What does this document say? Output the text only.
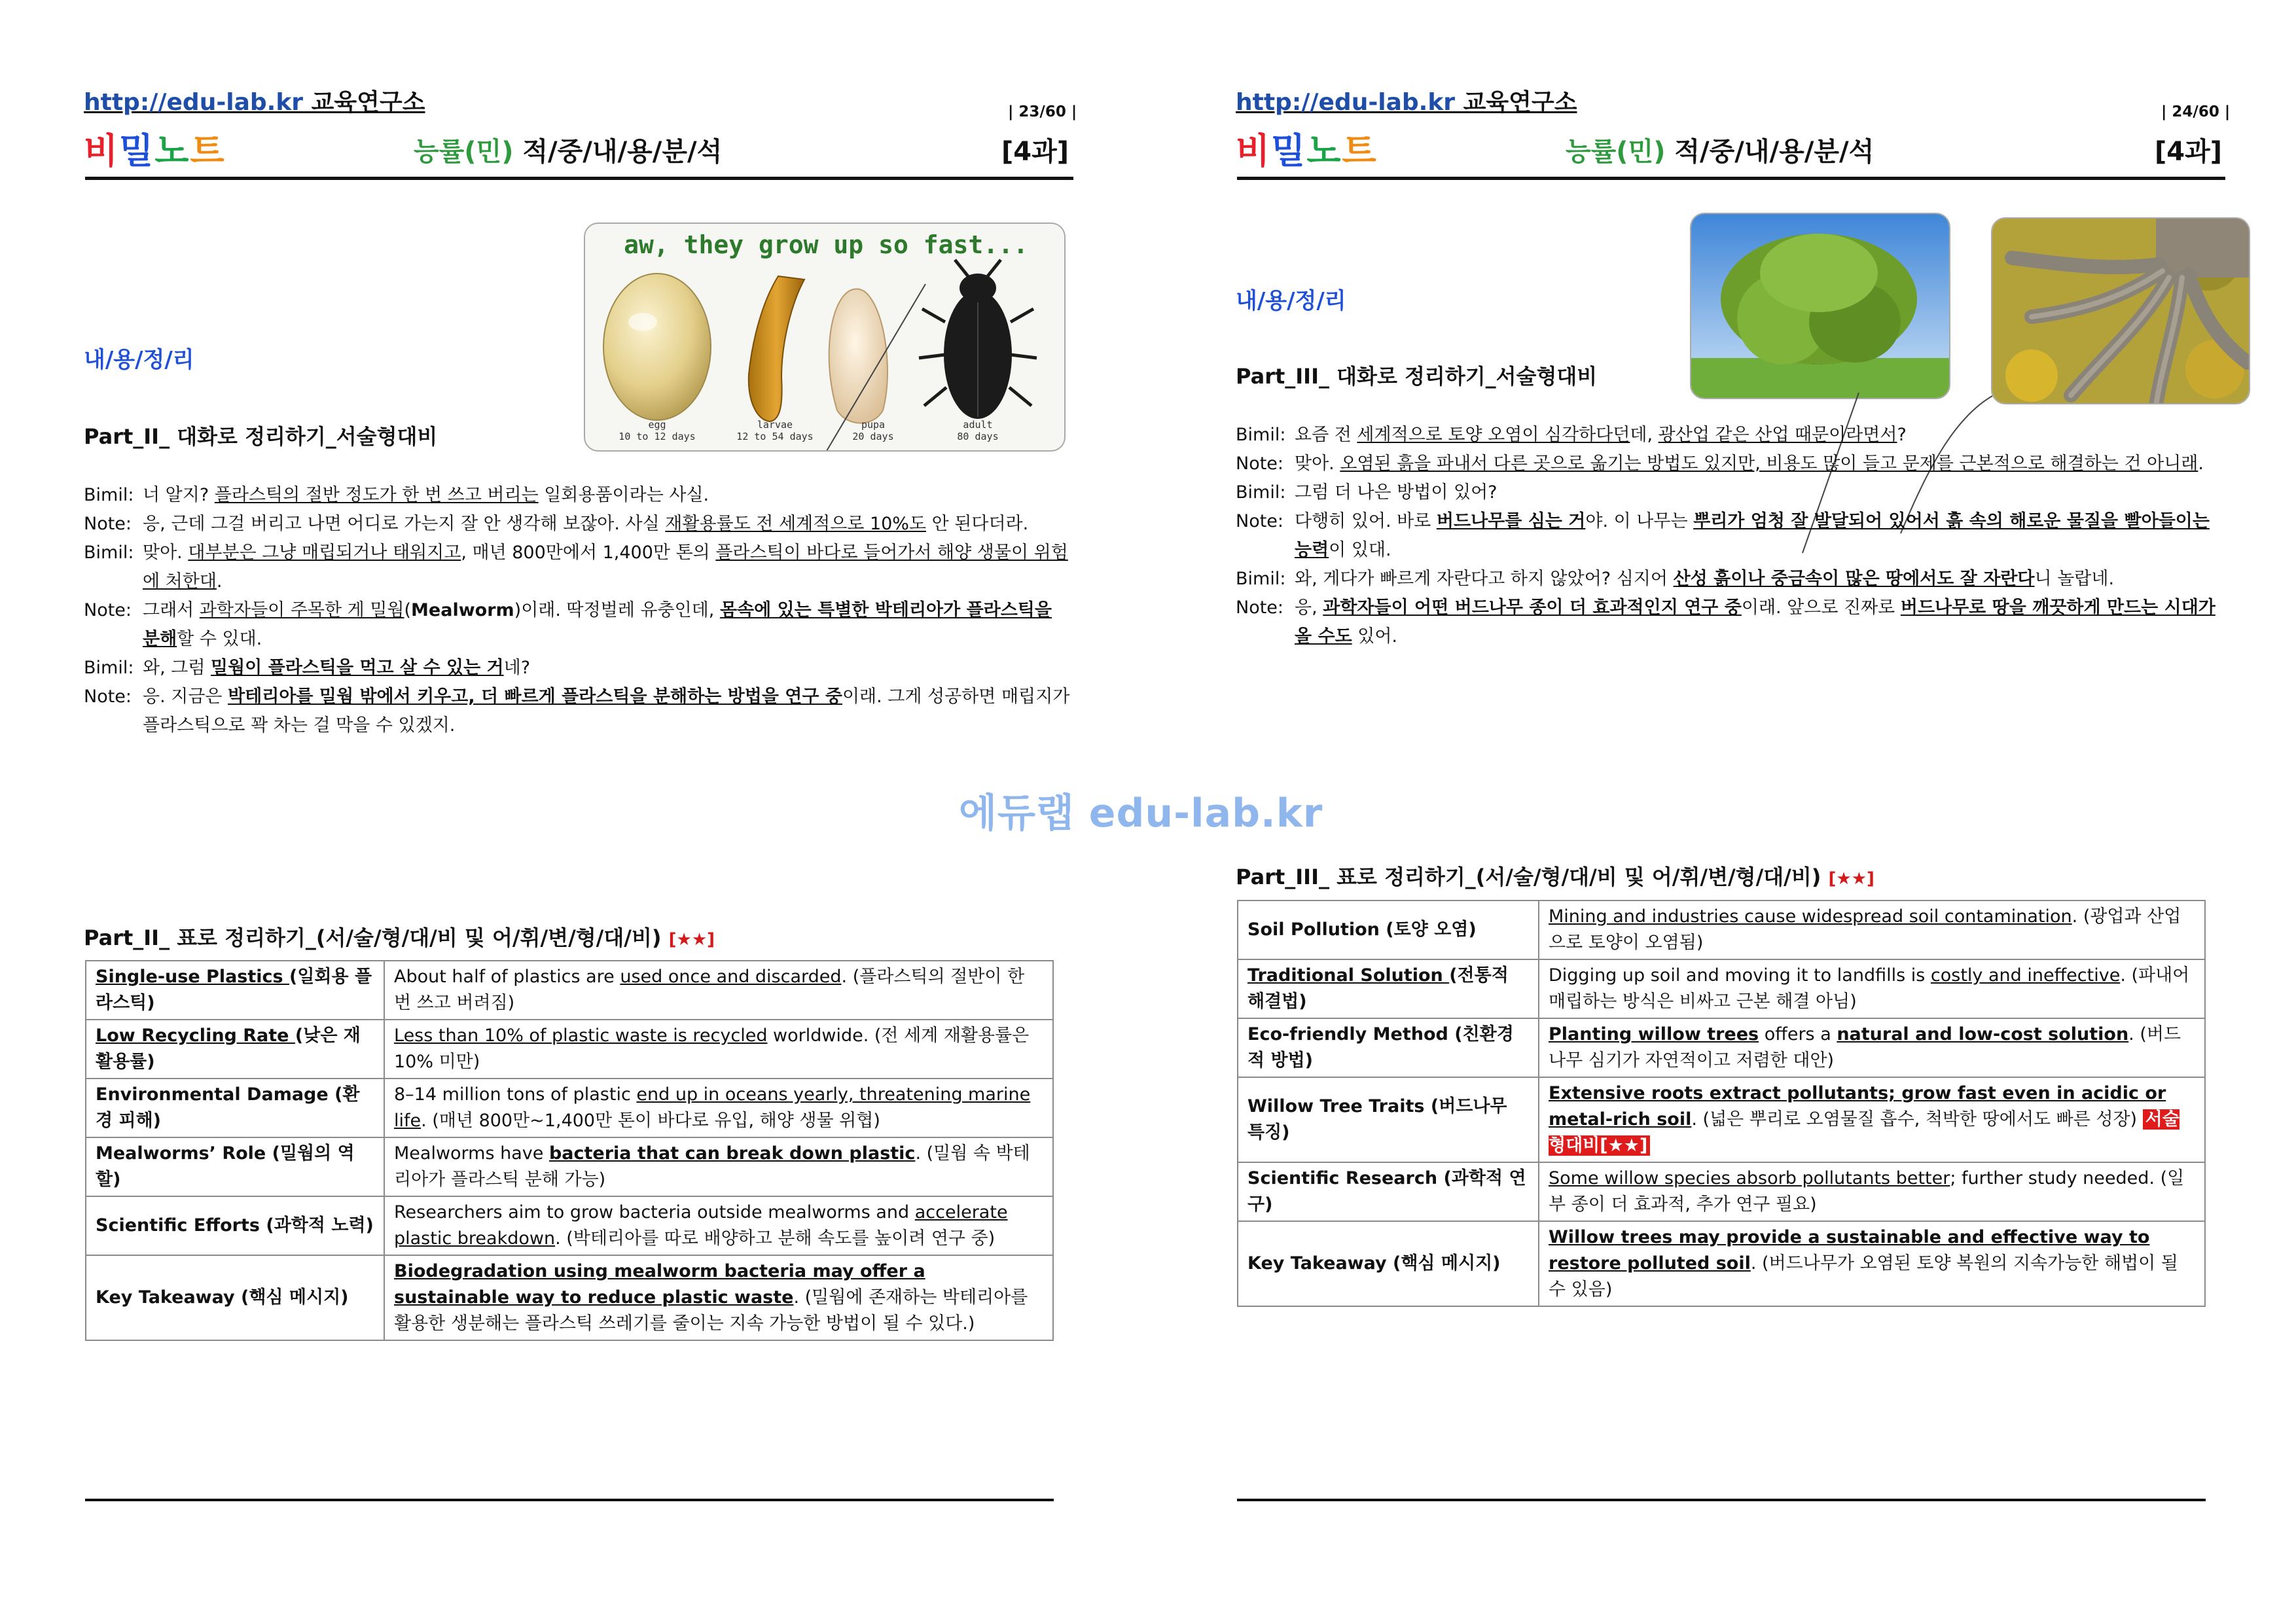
http://edu-lab.kr 교육연구소	| 23/60 |
비밀노트	능률(민) 적/중/내/용/분/석	[4과]
aw, they grow up so fast...
egg
10 to 12 days
larvae
12 to 54 days
pupa
20 days
adult
80 days
내/용/정/리
Part_II_ 대화로 정리하기_서술형대비
Bimil: 너 알지? 플라스틱의 절반 정도가 한 번 쓰고 버리는 일회용품이라는 사실.
Note: 응, 근데 그걸 버리고 나면 어디로 가는지 잘 안 생각해 보잖아. 사실 재활용률도 전 세계적으로 10%도 안 된다더라.
Bimil: 맞아. 대부분은 그냥 매립되거나 태워지고, 매년 800만에서 1,400만 톤의 플라스틱이 바다로 들어가서 해양 생물이 위험에 처한대.
Note: 그래서 과학자들이 주목한 게 밀웜(Mealworm)이래. 딱정벌레 유충인데, 몸속에 있는 특별한 박테리아가 플라스틱을 분해할 수 있대.
Bimil: 와, 그럼 밀웜이 플라스틱을 먹고 살 수 있는 거네?
Note: 응. 지금은 박테리아를 밀웜 밖에서 키우고, 더 빠르게 플라스틱을 분해하는 방법을 연구 중이래. 그게 성공하면 매립지가 플라스틱으로 꽉 차는 걸 막을 수 있겠지.
Part_II_ 표로 정리하기_(서/술/형/대/비 및 어/휘/변/형/대/비) [★★]
Single-use Plastics (일회용 플라스틱)	About half of plastics are used once and discarded. (플라스틱의 절반이 한 번 쓰고 버려짐)
Low Recycling Rate (낮은 재활용률)	Less than 10% of plastic waste is recycled worldwide. (전 세계 재활용률은 10% 미만)
Environmental Damage (환경 피해)	8–14 million tons of plastic end up in oceans yearly, threatening marine life. (매년 800만~1,400만 톤이 바다로 유입, 해양 생물 위협)
Mealworms’ Role (밀웜의 역할)	Mealworms have bacteria that can break down plastic. (밀웜 속 박테리아가 플라스틱 분해 가능)
Scientific Efforts (과학적 노력)	Researchers aim to grow bacteria outside mealworms and accelerate plastic breakdown. (박테리아를 따로 배양하고 분해 속도를 높이려 연구 중)
Key Takeaway (핵심 메시지)	Biodegradation using mealworm bacteria may offer a sustainable way to reduce plastic waste. (밀웜에 존재하는 박테리아를 활용한 생분해는 플라스틱 쓰레기를 줄이는 지속 가능한 방법이 될 수 있다.)
http://edu-lab.kr 교육연구소	| 24/60 |
비밀노트	능률(민) 적/중/내/용/분/석	[4과]
내/용/정/리
Part_III_ 대화로 정리하기_서술형대비
Bimil: 요즘 전 세계적으로 토양 오염이 심각하다던데, 광산업 같은 산업 때문이라면서?
Note: 맞아. 오염된 흙을 파내서 다른 곳으로 옮기는 방법도 있지만, 비용도 많이 들고 문제를 근본적으로 해결하는 건 아니래.
Bimil: 그럼 더 나은 방법이 있어?
Note: 다행히 있어. 바로 버드나무를 심는 거야. 이 나무는 뿌리가 엄청 잘 발달되어 있어서 흙 속의 해로운 물질을 빨아들이는 능력이 있대.
Bimil: 와, 게다가 빠르게 자란다고 하지 않았어? 심지어 산성 흙이나 중금속이 많은 땅에서도 잘 자란다니 놀랍네.
Note: 응, 과학자들이 어떤 버드나무 종이 더 효과적인지 연구 중이래. 앞으로 진짜로 버드나무로 땅을 깨끗하게 만드는 시대가 올 수도 있어.
Part_III_ 표로 정리하기_(서/술/형/대/비 및 어/휘/변/형/대/비) [★★]
Soil Pollution (토양 오염)	Mining and industries cause widespread soil contamination. (광업과 산업으로 토양이 오염됨)
Traditional Solution (전통적 해결법)	Digging up soil and moving it to landfills is costly and ineffective. (파내어 매립하는 방식은 비싸고 근본 해결 아님)
Eco-friendly Method (친환경적 방법)	Planting willow trees offers a natural and low-cost solution. (버드나무 심기가 자연적이고 저렴한 대안)
Willow Tree Traits (버드나무 특징)	Extensive roots extract pollutants; grow fast even in acidic or metal-rich soil. (넓은 뿌리로 오염물질 흡수, 척박한 땅에서도 빠른 성장) 서술형대비[★★]
Scientific Research (과학적 연구)	Some willow species absorb pollutants better; further study needed. (일부 종이 더 효과적, 추가 연구 필요)
Key Takeaway (핵심 메시지)	Willow trees may provide a sustainable and effective way to restore polluted soil. (버드나무가 오염된 토양 복원의 지속가능한 해법이 될 수 있음)
에듀랩 edu-lab.kr
